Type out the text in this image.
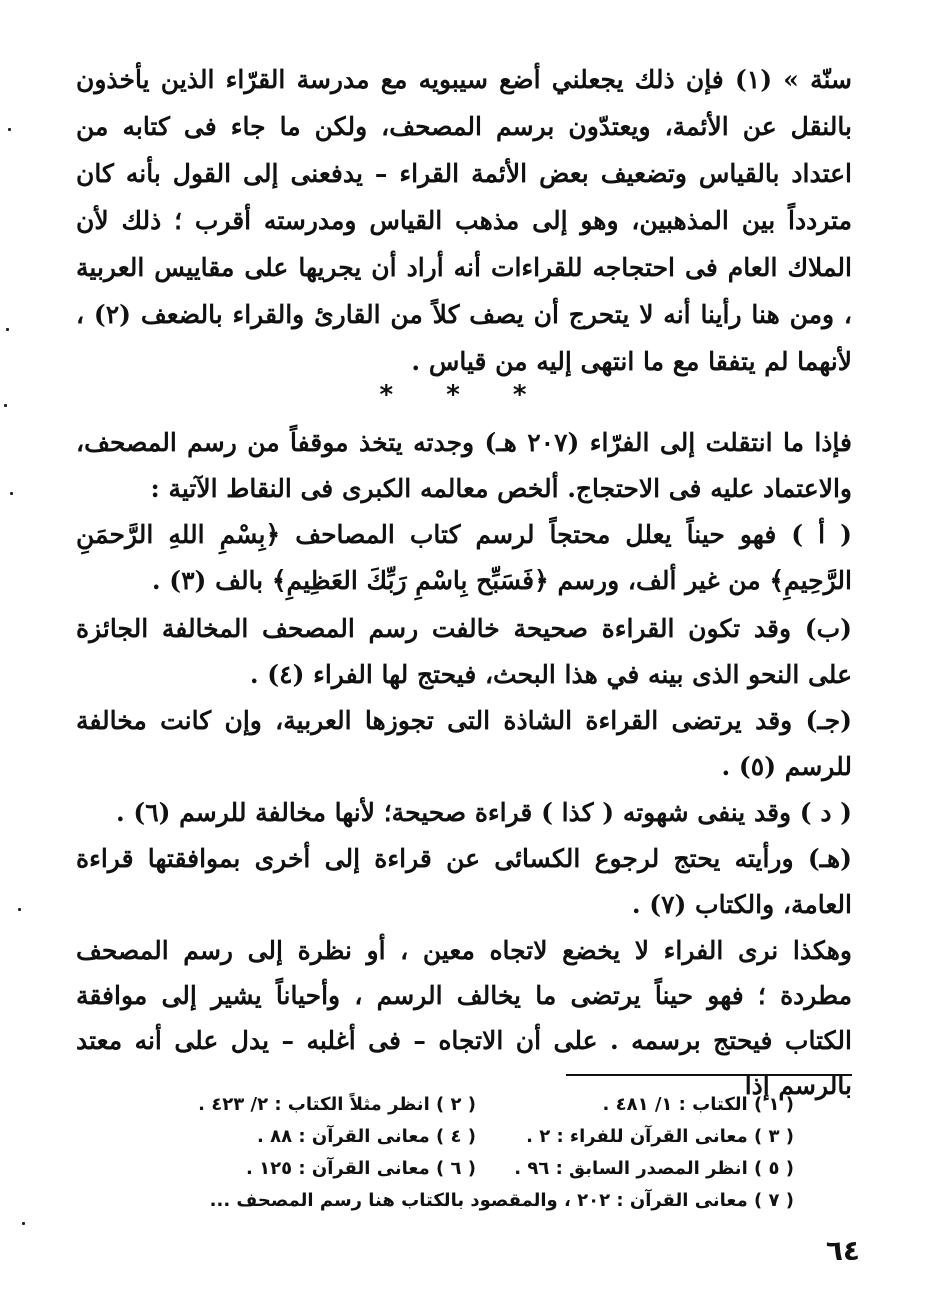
سنّة » (١) فإن ذلك يجعلني أضع سيبويه مع مدرسة القرّاء الذين يأخذون بالنقل عن الأئمة، ويعتدّون برسم المصحف، ولكن ما جاء فى كتابه من اعتداد بالقياس وتضعيف بعض الأئمة القراء – يدفعنى إلى القول بأنه كان متردداً بين المذهبين، وهو إلى مذهب القياس ومدرسته أقرب ؛ ذلك لأن الملاك العام فى احتجاجه للقراءات أنه أراد أن يجريها على مقاييس العربية ، ومن هنا رأينا أنه لا يتحرج أن يصف كلاً من القارئ والقراء بالضعف (٢) ، لأنهما لم يتفقا مع ما انتهى إليه من قياس .

* * *

فإذا ما انتقلت إلى الفرّاء (٢٠٧ هـ) وجدته يتخذ موقفاً من رسم المصحف، والاعتماد عليه فى الاحتجاج. ألخص معالمه الكبرى فى النقاط الآتية :

( أ ) فهو حيناً يعلل محتجاً لرسم كتاب المصاحف ﴿بِسْمِ اللهِ الرَّحمَنِ الرَّحِيمِ﴾ من غير ألف، ورسم ﴿فَسَبِّح بِاسْمِ رَبِّكَ العَظِيمِ﴾ بالف (٣) .

(ب) وقد تكون القراءة صحيحة خالفت رسم المصحف المخالفة الجائزة على النحو الذى بينه في هذا البحث، فيحتج لها الفراء (٤) .

(جـ) وقد يرتضى القراءة الشاذة التى تجوزها العربية، وإن كانت مخالفة للرسم (٥) .

( د ) وقد ينفى شهوته ( كذا ) قراءة صحيحة؛ لأنها مخالفة للرسم (٦) .

(هـ) ورأيته يحتج لرجوع الكسائى عن قراءة إلى أخرى بموافقتها قراءة العامة، والكتاب (٧) .

وهكذا نرى الفراء لا يخضع لاتجاه معين ، أو نظرة إلى رسم المصحف مطردة ؛ فهو حيناً يرتضى ما يخالف الرسم ، وأحياناً يشير إلى موافقة الكتاب فيحتج برسمه . على أن الاتجاه – فى أغلبه – يدل على أنه معتد بالرسم إذا

( ١ ) الكتاب : ١/ ٤٨١ .
( ٢ ) انظر مثلاً الكتاب : ٢/ ٤٢٣ .
( ٣ ) معانى القرآن للفراء : ٢ .
( ٤ ) معانى القرآن : ٨٨ .
( ٥ ) انظر المصدر السابق : ٩٦ .
( ٦ ) معانى القرآن : ١٢٥ .
( ٧ ) معانى القرآن : ٢٠٢ ، والمقصود بالكتاب هنا رسم المصحف ...
٦٤
